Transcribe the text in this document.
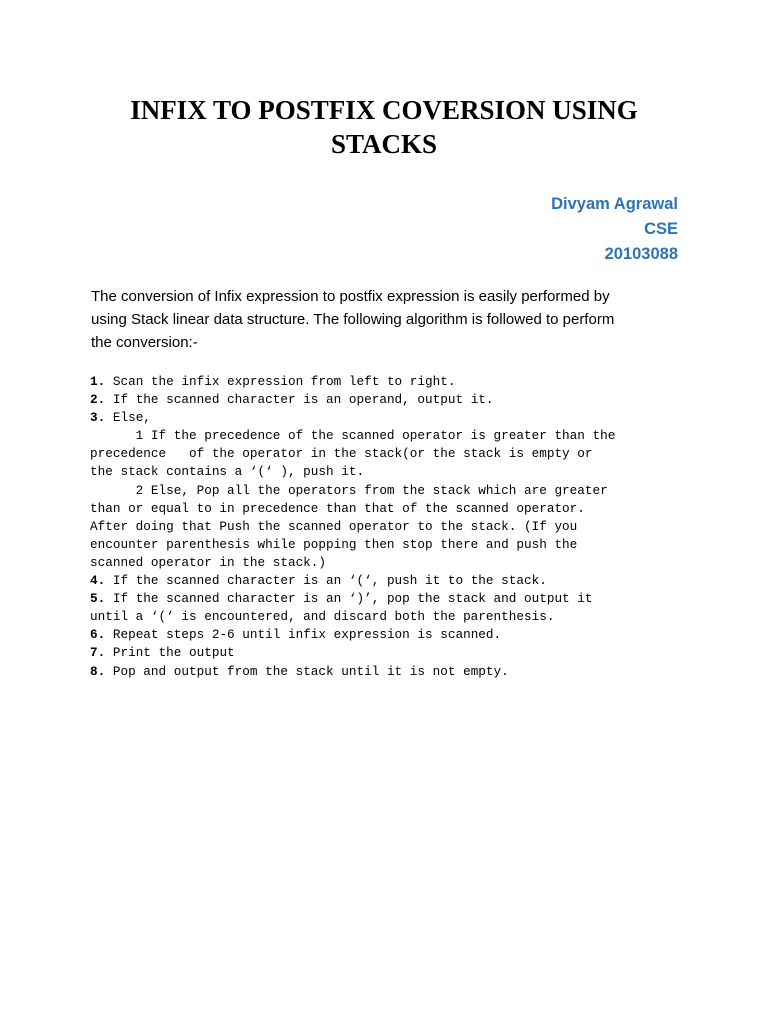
INFIX TO POSTFIX COVERSION USING
STACKS
Divyam Agrawal
CSE
20103088
The conversion of Infix expression to postfix expression is easily performed by
using Stack linear data structure. The following algorithm is followed to perform
the conversion:-
1. Scan the infix expression from left to right.
2. If the scanned character is an operand, output it.
3. Else,
1 If the precedence of the scanned operator is greater than the
precedence   of the operator in the stack(or the stack is empty or
the stack contains a ‘(‘ ), push it.
2 Else, Pop all the operators from the stack which are greater
than or equal to in precedence than that of the scanned operator.
After doing that Push the scanned operator to the stack. (If you
encounter parenthesis while popping then stop there and push the
scanned operator in the stack.)
4. If the scanned character is an ‘(‘, push it to the stack.
5. If the scanned character is an ‘)’, pop the stack and output it
until a ‘(‘ is encountered, and discard both the parenthesis.
6. Repeat steps 2-6 until infix expression is scanned.
7. Print the output
8. Pop and output from the stack until it is not empty.
